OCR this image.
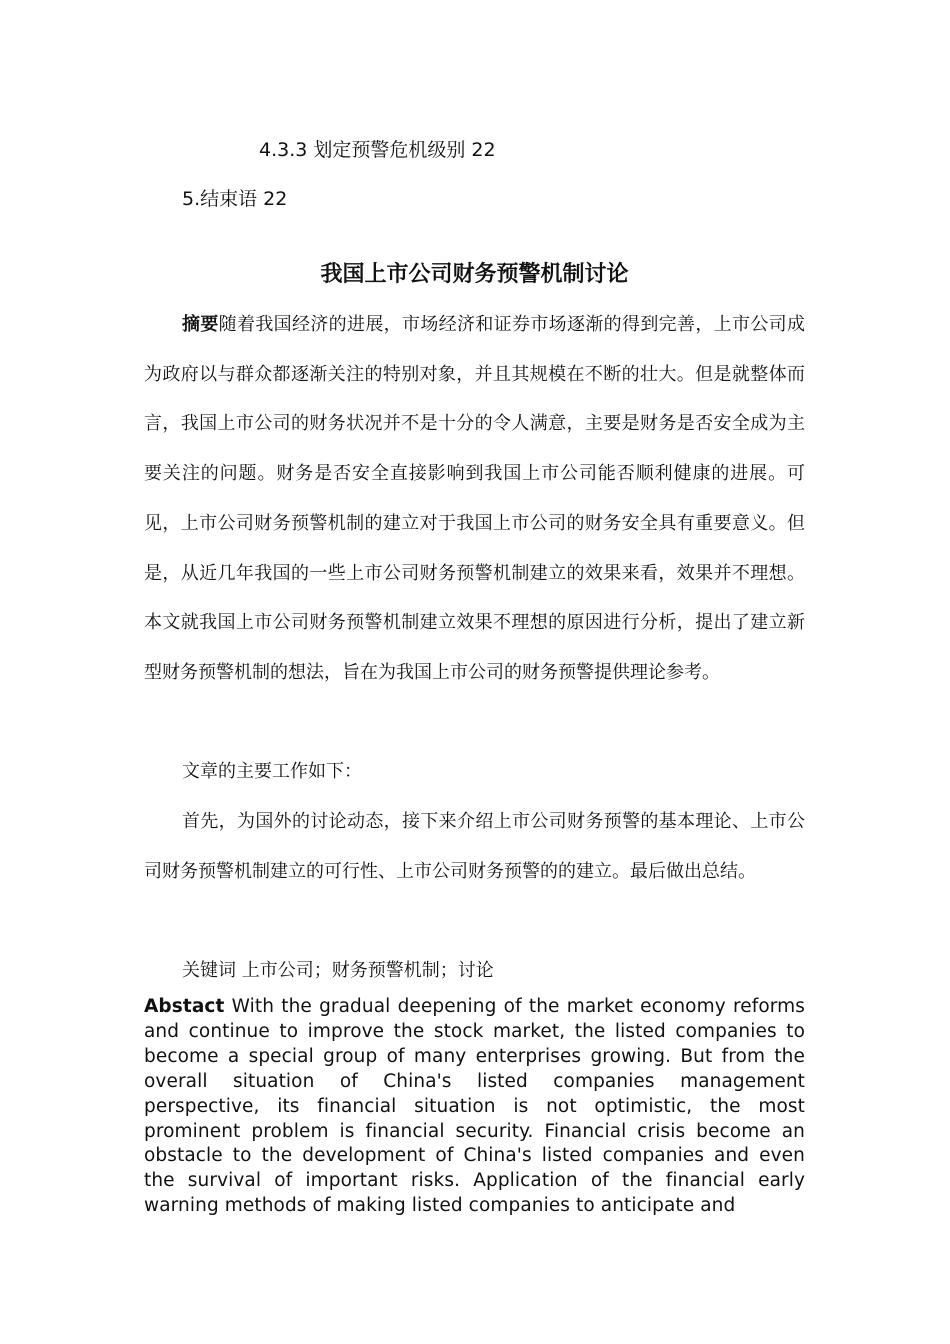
4.3.3 划定预警危机级别 22
5.结束语 22
我国上市公司财务预警机制讨论
摘要随着我国经济的进展，市场经济和证券市场逐渐的得到完善，上市公司成为政府以与群众都逐渐关注的特别对象，并且其规模在不断的壮大。但是就整体而言，我国上市公司的财务状况并不是十分的令人满意，主要是财务是否安全成为主要关注的问题。财务是否安全直接影响到我国上市公司能否顺利健康的进展。可见，上市公司财务预警机制的建立对于我国上市公司的财务安全具有重要意义。但是，从近几年我国的一些上市公司财务预警机制建立的效果来看，效果并不理想。本文就我国上市公司财务预警机制建立效果不理想的原因进行分析，提出了建立新型财务预警机制的想法，旨在为我国上市公司的财务预警提供理论参考。
文章的主要工作如下：
首先，为国外的讨论动态，接下来介绍上市公司财务预警的基本理论、上市公司财务预警机制建立的可行性、上市公司财务预警的的建立。最后做出总结。
关键词 上市公司；财务预警机制；讨论
Abstact With the gradual deepening of the market economy reforms and continue to improve the stock market, the listed companies to become a special group of many enterprises growing. But from the overall situation of China's listed companies management perspective, its financial situation is not optimistic, the most prominent problem is financial security. Financial crisis become an obstacle to the development of China's listed companies and even the survival of important risks. Application of the financial early warning methods of making listed companies to anticipate and
